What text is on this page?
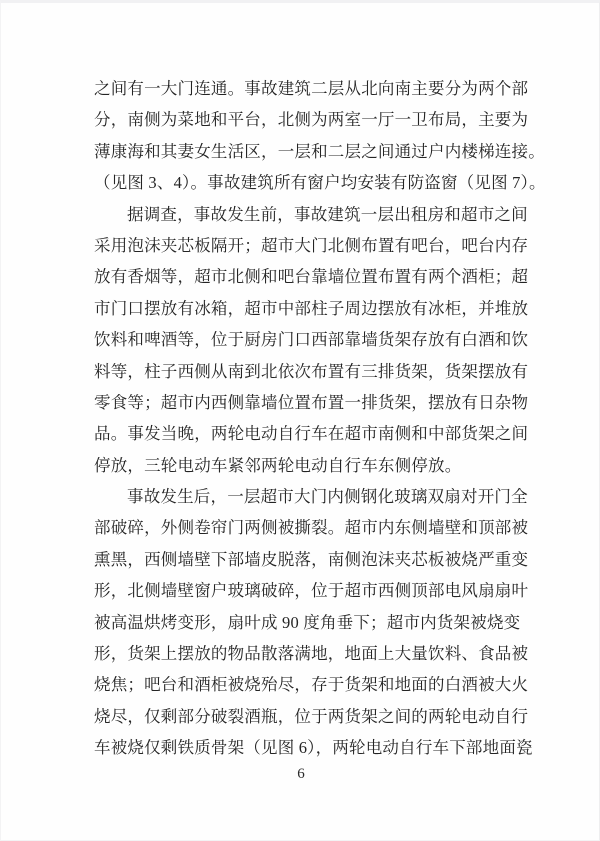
之间有一大门连通。事故建筑二层从北向南主要分为两个部
分，南侧为菜地和平台，北侧为两室一厅一卫布局，主要为
薄康海和其妻女生活区，一层和二层之间通过户内楼梯连接。
（见图 3、4）。事故建筑所有窗户均安装有防盗窗（见图 7）。
据调查，事故发生前，事故建筑一层出租房和超市之间
采用泡沫夹芯板隔开；超市大门北侧布置有吧台，吧台内存
放有香烟等，超市北侧和吧台靠墙位置布置有两个酒柜；超
市门口摆放有冰箱，超市中部柱子周边摆放有冰柜，并堆放
饮料和啤酒等，位于厨房门口西部靠墙货架存放有白酒和饮
料等，柱子西侧从南到北依次布置有三排货架，货架摆放有
零食等；超市内西侧靠墙位置布置一排货架，摆放有日杂物
品。事发当晚，两轮电动自行车在超市南侧和中部货架之间
停放，三轮电动车紧邻两轮电动自行车东侧停放。
事故发生后，一层超市大门内侧钢化玻璃双扇对开门全
部破碎，外侧卷帘门两侧被撕裂。超市内东侧墙壁和顶部被
熏黑，西侧墙壁下部墙皮脱落，南侧泡沫夹芯板被烧严重变
形，北侧墙壁窗户玻璃破碎，位于超市西侧顶部电风扇扇叶
被高温烘烤变形，扇叶成 90 度角垂下；超市内货架被烧变
形，货架上摆放的物品散落满地，地面上大量饮料、食品被
烧焦；吧台和酒柜被烧殆尽，存于货架和地面的白酒被大火
烧尽，仅剩部分破裂酒瓶，位于两货架之间的两轮电动自行
车被烧仅剩铁质骨架（见图 6），两轮电动自行车下部地面瓷
6
